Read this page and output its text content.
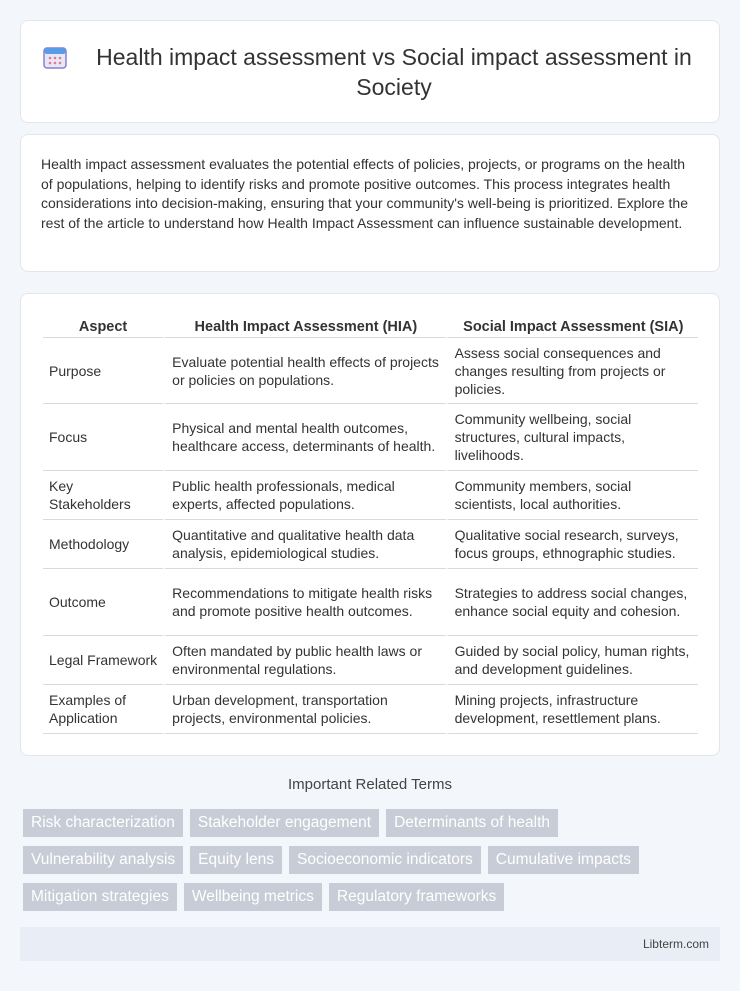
Health impact assessment vs Social impact assessment in Society

Health impact assessment evaluates the potential effects of policies, projects, or programs on the health of populations, helping to identify risks and promote positive outcomes. This process integrates health considerations into decision-making, ensuring that your community's well-being is prioritized. Explore the rest of the article to understand how Health Impact Assessment can influence sustainable development.

Aspect	Health Impact Assessment (HIA)	Social Impact Assessment (SIA)
Purpose	Evaluate potential health effects of projects or policies on populations.	Assess social consequences and changes resulting from projects or policies.
Focus	Physical and mental health outcomes, healthcare access, determinants of health.	Community wellbeing, social structures, cultural impacts, livelihoods.
Key Stakeholders	Public health professionals, medical experts, affected populations.	Community members, social scientists, local authorities.
Methodology	Quantitative and qualitative health data analysis, epidemiological studies.	Qualitative social research, surveys, focus groups, ethnographic studies.
Outcome	Recommendations to mitigate health risks and promote positive health outcomes.	Strategies to address social changes, enhance social equity and cohesion.
Legal Framework	Often mandated by public health laws or environmental regulations.	Guided by social policy, human rights, and development guidelines.
Examples of Application	Urban development, transportation projects, environmental policies.	Mining projects, infrastructure development, resettlement plans.
Important Related Terms
Risk characterization	Stakeholder engagement	Determinants of health
Vulnerability analysis	Equity lens	Socioeconomic indicators	Cumulative impacts
Mitigation strategies	Wellbeing metrics	Regulatory frameworks
Libterm.com
